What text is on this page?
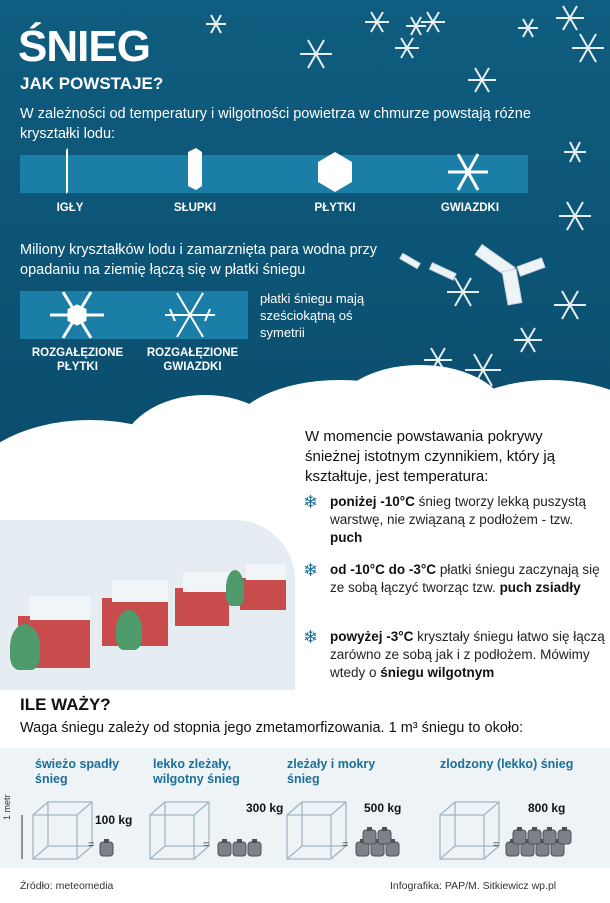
ŚNIEG
JAK POWSTAJE?
W zależności od temperatury i wilgotności powietrza w chmurze powstają różne kryształki lodu:
IGŁY	SŁUPKI	PŁYTKI	GWIAZDKI
Miliony kryształków lodu i zamarznięta para wodna przy opadaniu na ziemię łączą się w płatki śniegu
ROZGAŁĘZIONE PŁYTKI
ROZGAŁĘZIONE GWIAZDKI
płatki śniegu mają sześciokątną oś symetrii
W momencie powstawania pokrywy śnieżnej istotnym czynnikiem, który ją kształtuje, jest temperatura:
❄ poniżej -10°C śnieg tworzy lekką puszystą warstwę, nie związaną z podłożem - tzw. puch
❄ od -10°C do -3°C płatki śniegu zaczynają się ze sobą łączyć tworząc tzw. puch zsiadły
❄ powyżej -3°C kryształy śniegu łatwo się łączą zarówno ze sobą jak i z podłożem. Mówimy wtedy o śniegu wilgotnym
ILE WAŻY?
Waga śniegu zależy od stopnia jego zmetamorfizowania. 1 m³ śniegu to około:
świeżo spadły śnieg
lekko zleżały, wilgotny śnieg
zleżały i mokry śnieg
zlodzony (lekko) śnieg
100 kg
300 kg	500 kg	800 kg
1 metr
=	=	=	=
Źródło: meteomedia	Infografika: PAP/M. Sitkiewicz wp.pl
